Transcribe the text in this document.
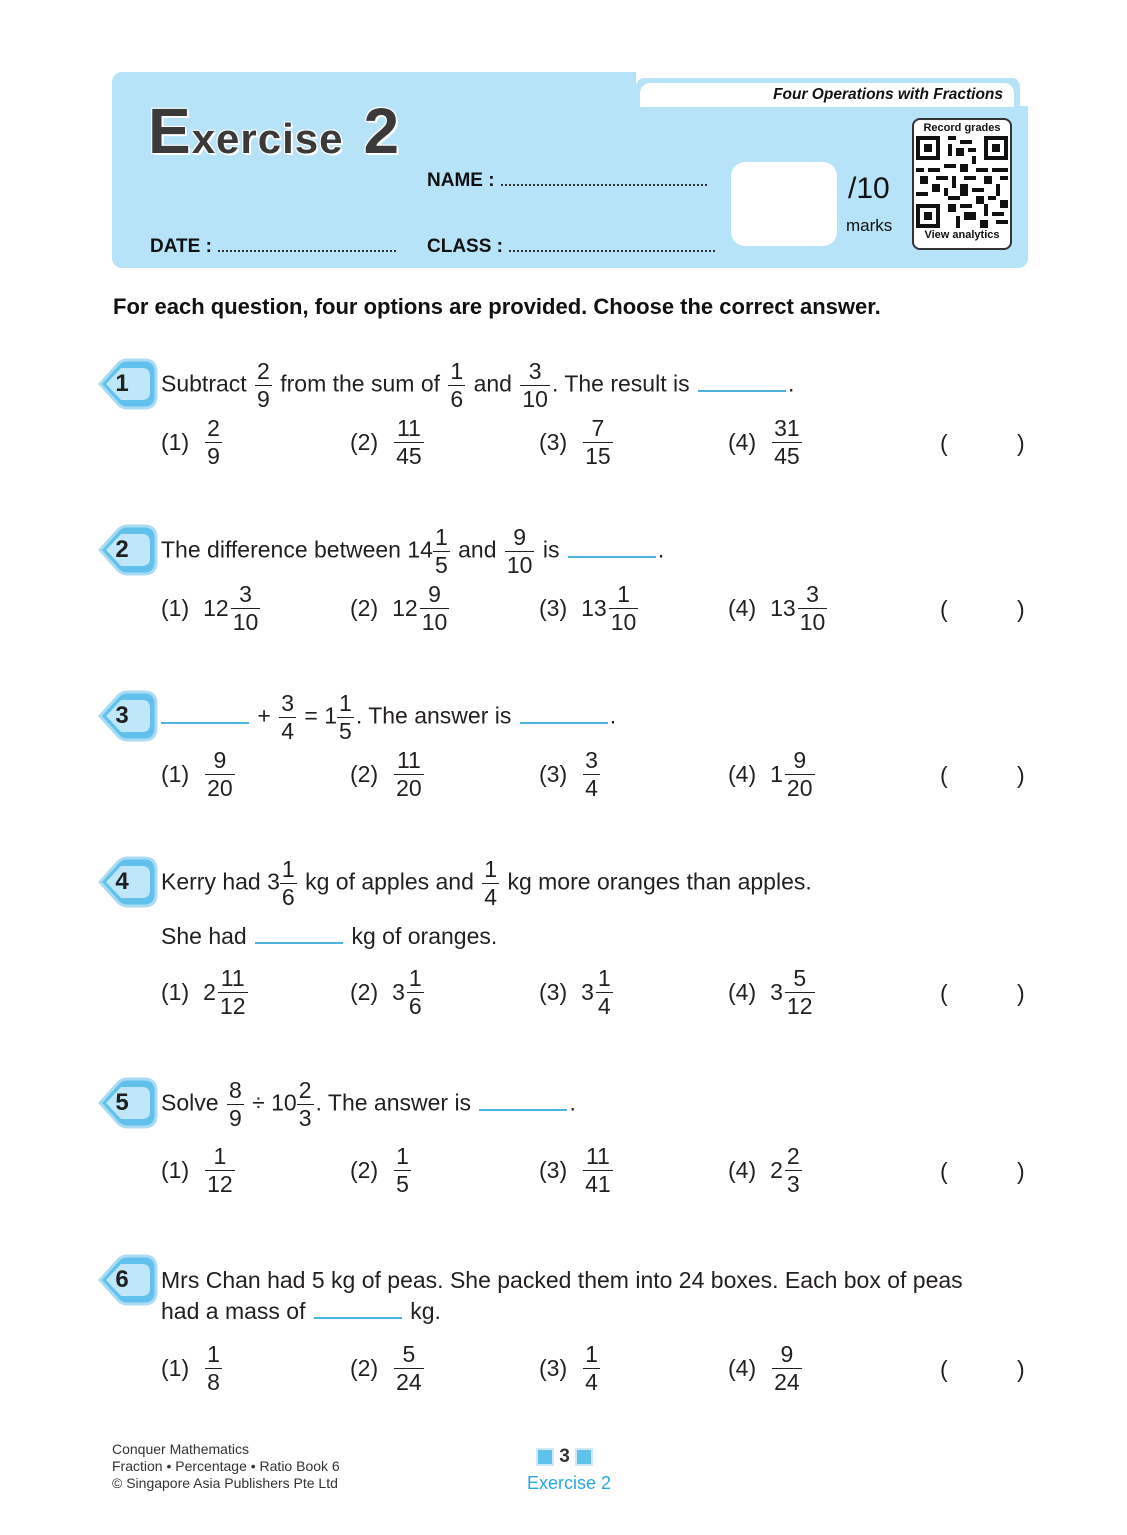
Four Operations with Fractions
Exercise 2
NAME :
DATE :	CLASS :
/10
marks
Record grades
View analytics
For each question, four options are provided. Choose the correct answer.
1 Subtract $\frac{2}{9}$ from the sum of $\frac{1}{6}$ and $\frac{3}{10}$ . The result is	.
$(1) \frac{2}{9}$	$(2) \frac{11}{45}$	$(3) \frac{7}{15}$	$(4) \frac{31}{45}$	(	)
2 The difference between $14 \frac{1}{5}$ and $\frac{9}{10}$ is	.
(1) $12 \frac{3}{10}$	(2) $12 \frac{9}{10}$	(3) $13 \frac{1}{10}$	(4) $13 \frac{3}{10}$	(	)
3	+ $\frac{3}{4} = 1 \frac{1}{5}$ . The answer is	.
$(1) \frac{9}{20}$	$(2) \frac{11}{20}$	$(3) \frac{3}{4}$	(4) $1 \frac{9}{20}$	(	)
4 Kerry had $3 \frac{1}{6}$ kg of apples and $\frac{1}{4}$ kg more oranges than apples.
She had	kg of oranges.
(1) $2 \frac{11}{12}$	(2) $3 \frac{1}{6}$	(3) $3 \frac{1}{4}$	(4) $3 \frac{5}{12}$	(	)
5 Solve $\frac{8}{9} \div 10 \frac{2}{3}$ . The answer is	.
$(1) \frac{1}{12}$	$(2) \frac{1}{5}$	$(3) \frac{11}{41}$	(4) $2 \frac{2}{3}$	(	)
6 Mrs Chan had 5 kg of peas. She packed them into 24 boxes. Each box of peas
had a mass of	kg.
$(1) \frac{1}{8}$	$(2) \frac{5}{24}$	$(3) \frac{1}{4}$	$(4) \frac{9}{24}$	(	)
Conquer Mathematics
Fraction • Percentage • Ratio Book 6
© Singapore Asia Publishers Pte Ltd
3
Exercise 2
